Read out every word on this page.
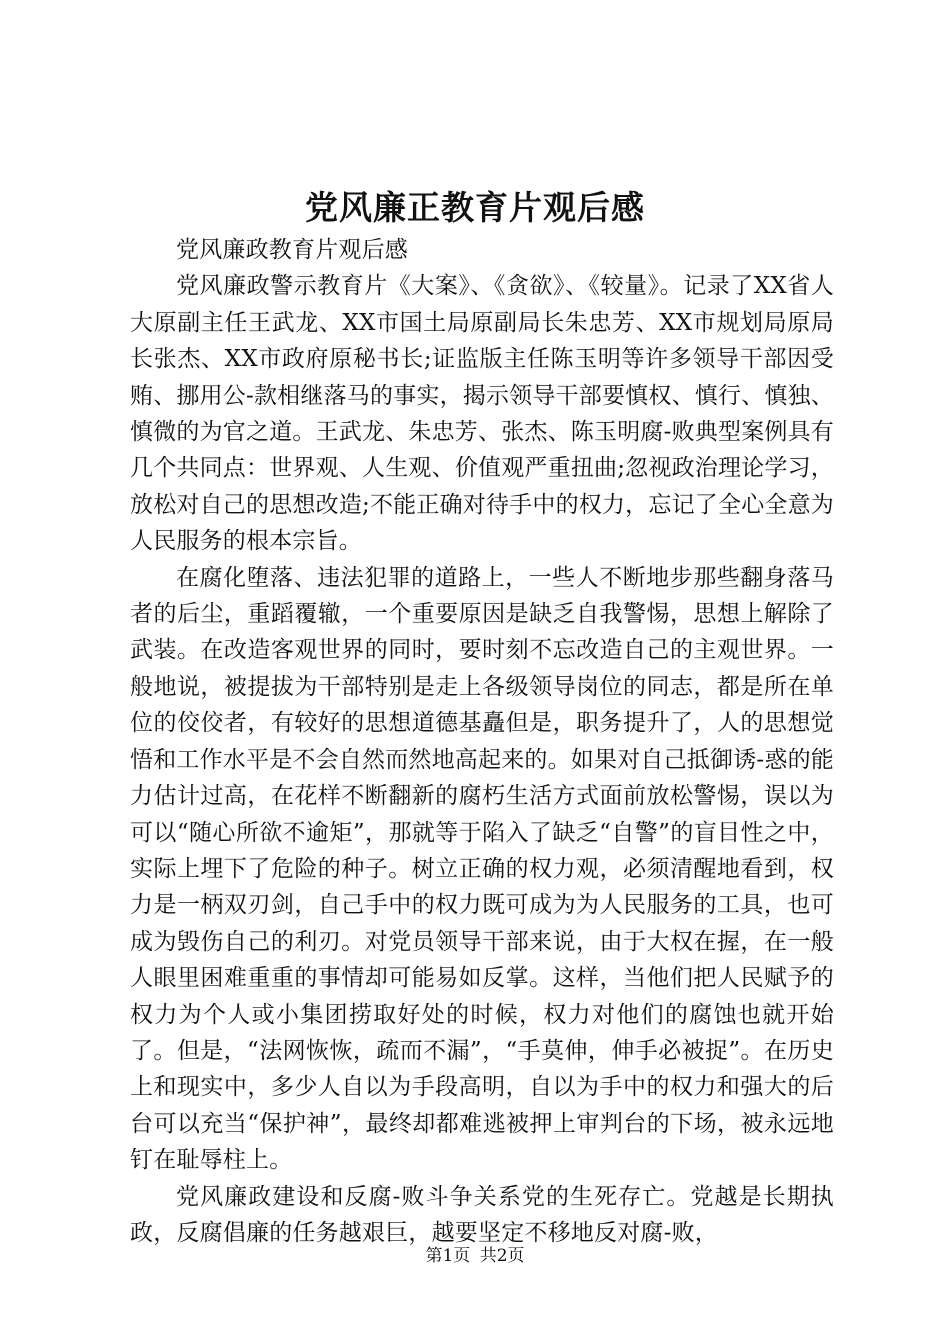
党风廉正教育片观后感

党风廉政教育片观后感

党风廉政警示教育片《大案》、《贪欲》、《较量》。记录了XX省人大原副主任王武龙、XX市国土局原副局长朱忠芳、XX市规划局原局长张杰、XX市政府原秘书长;证监版主任陈玉明等许多领导干部因受贿、挪用公-款相继落马的事实，揭示领导干部要慎权、慎行、慎独、慎微的为官之道。王武龙、朱忠芳、张杰、陈玉明腐-败典型案例具有几个共同点：世界观、人生观、价值观严重扭曲;忽视政治理论学习，放松对自己的思想改造;不能正确对待手中的权力，忘记了全心全意为人民服务的根本宗旨。

在腐化堕落、违法犯罪的道路上，一些人不断地步那些翻身落马者的后尘，重蹈覆辙，一个重要原因是缺乏自我警惕，思想上解除了武装。在改造客观世界的同时，要时刻不忘改造自己的主观世界。一般地说，被提拔为干部特别是走上各级领导岗位的同志，都是所在单位的佼佼者，有较好的思想道德基矗但是，职务提升了，人的思想觉悟和工作水平是不会自然而然地高起来的。如果对自己抵御诱-惑的能力估计过高，在花样不断翻新的腐朽生活方式面前放松警惕，误以为可以“随心所欲不逾矩”，那就等于陷入了缺乏“自警”的盲目性之中，实际上埋下了危险的种子。树立正确的权力观，必须清醒地看到，权力是一柄双刃剑，自己手中的权力既可成为为人民服务的工具，也可成为毁伤自己的利刃。对党员领导干部来说，由于大权在握，在一般人眼里困难重重的事情却可能易如反掌。这样，当他们把人民赋予的权力为个人或小集团捞取好处的时候，权力对他们的腐蚀也就开始了。但是，“法网恢恢，疏而不漏”，“手莫伸，伸手必被捉”。在历史上和现实中，多少人自以为手段高明，自以为手中的权力和强大的后台可以充当“保护神”，最终却都难逃被押上审判台的下场，被永远地钉在耻辱柱上。

党风廉政建设和反腐-败斗争关系党的生死存亡。党越是长期执政，反腐倡廉的任务越艰巨，越要坚定不移地反对腐-败，

第1页 共2页
